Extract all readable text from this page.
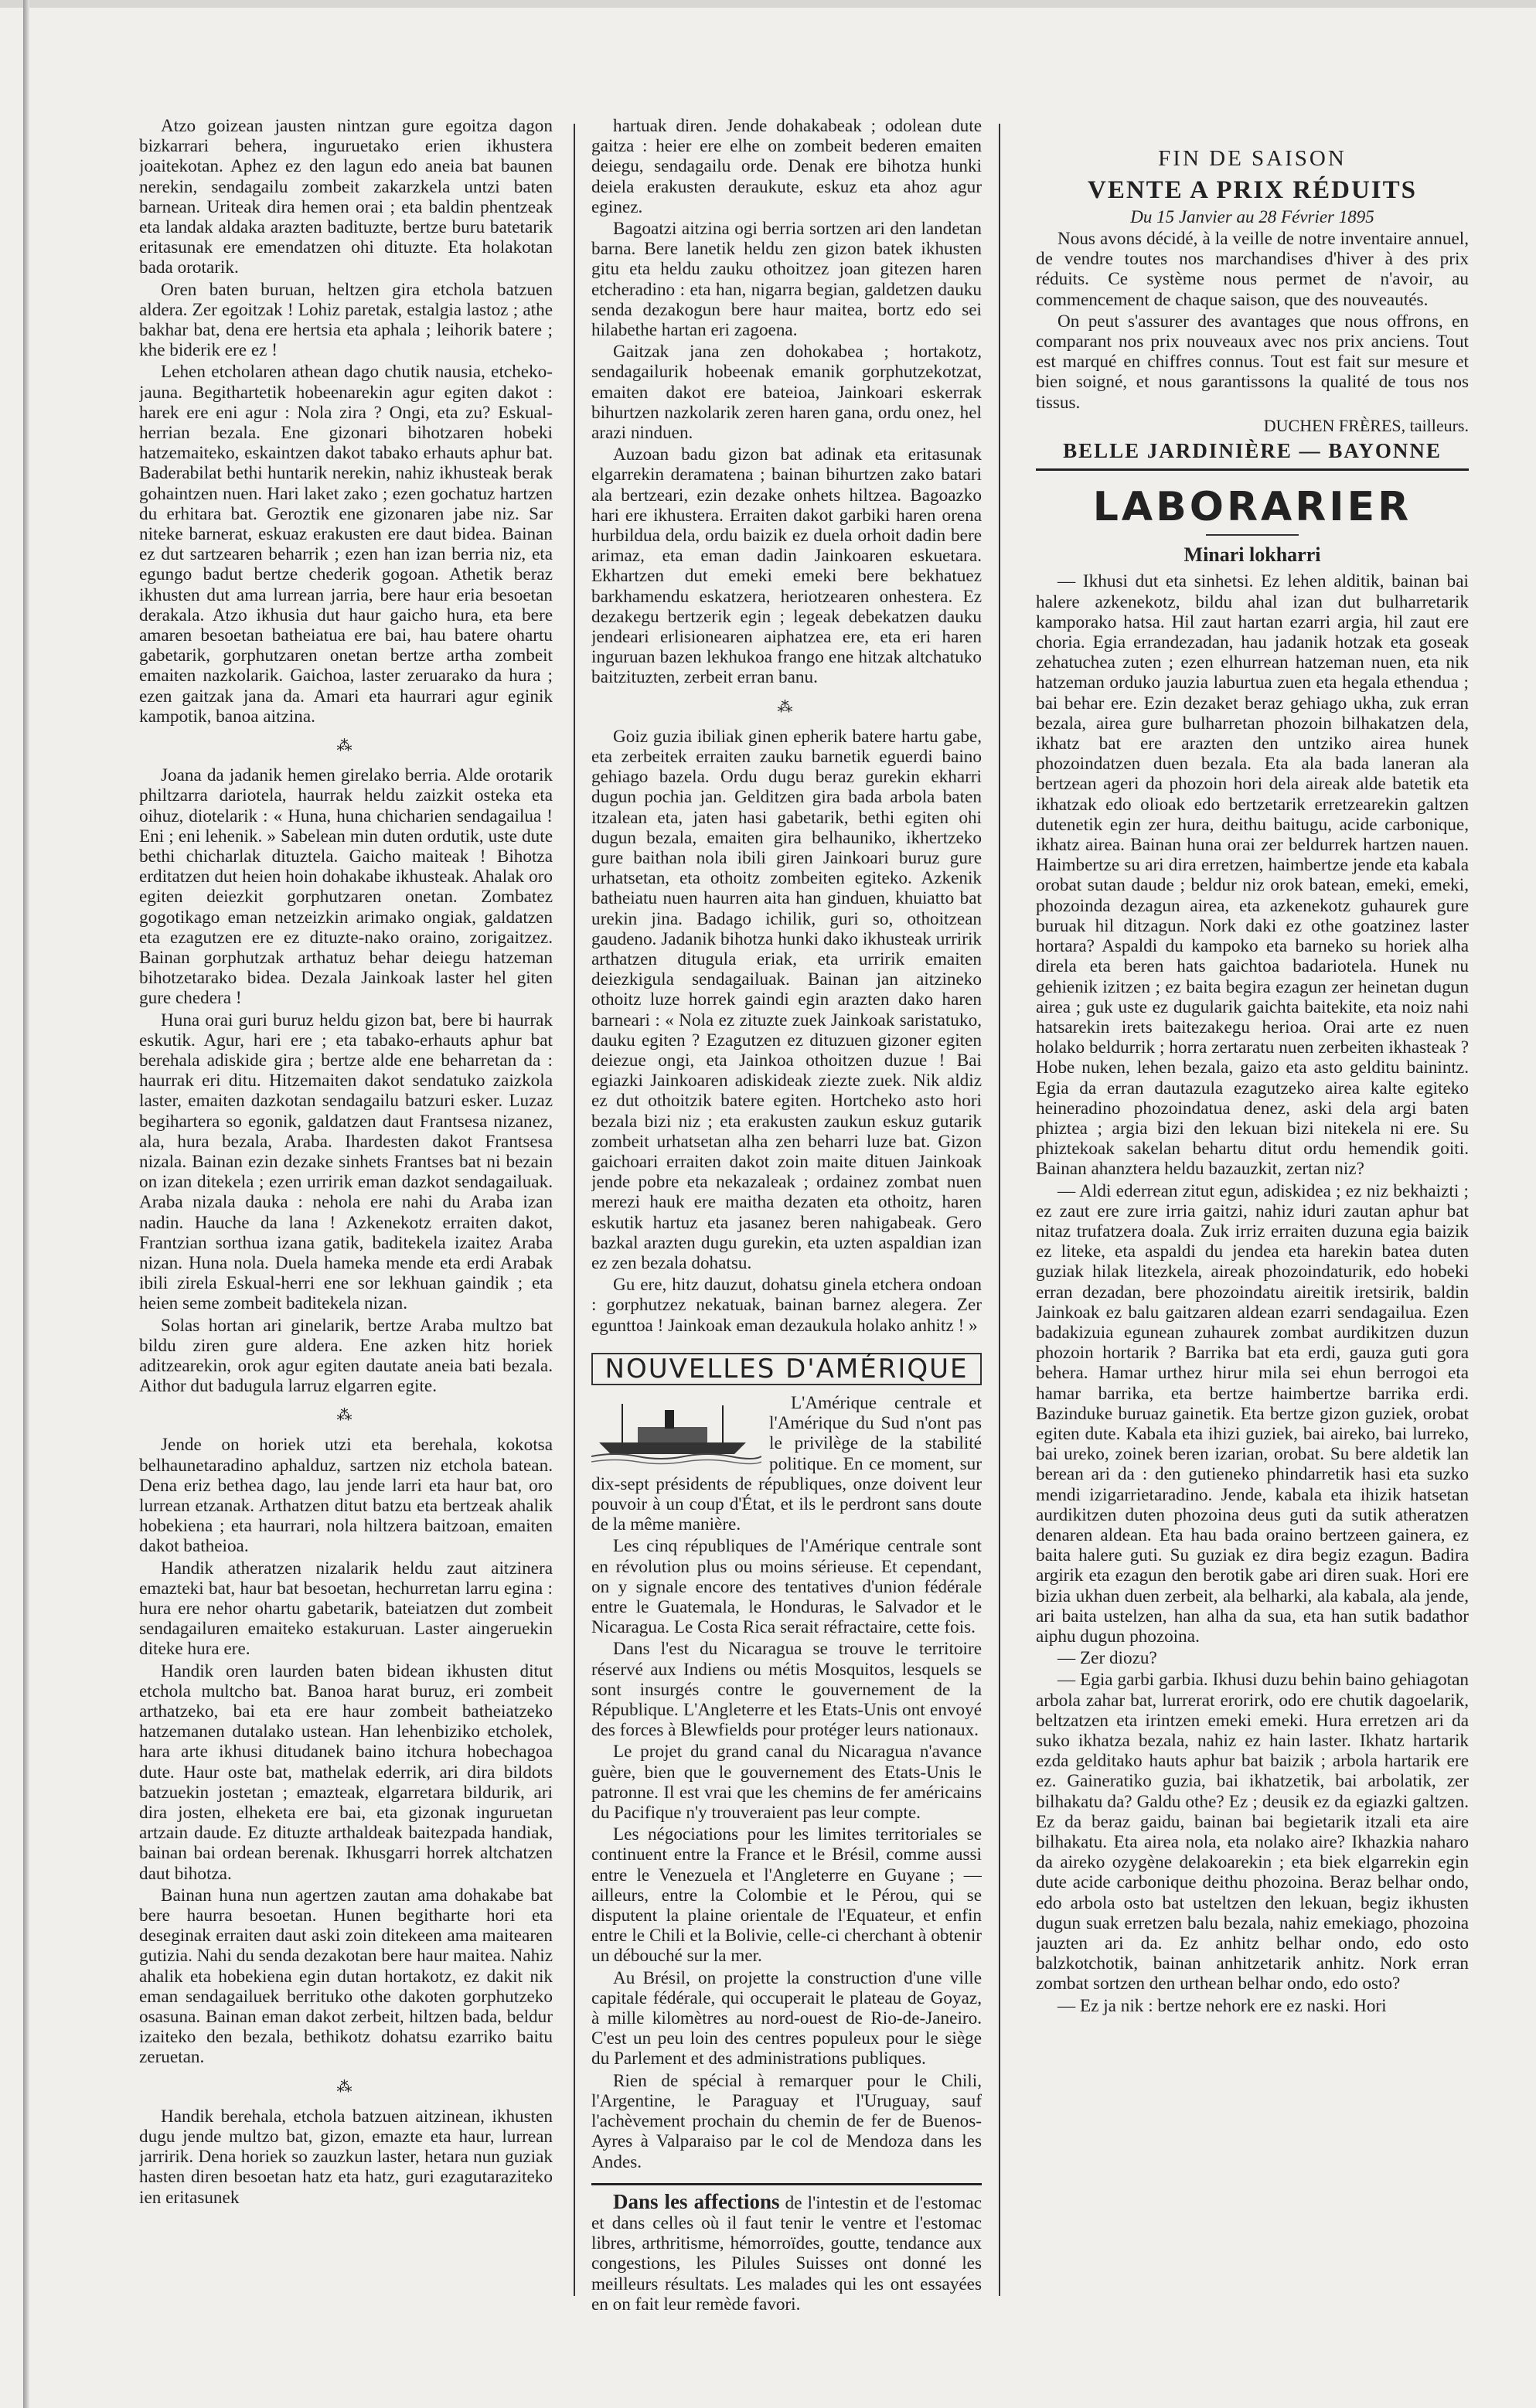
Atzo goizean jausten nintzan gure egoitza dagon bizkarrari behera, inguruetako erien ikhustera joaitekotan. Aphez ez den lagun edo aneia bat baunen nerekin, sendagailu zombeit zakarzkela untzi baten barnean. Uriteak dira hemen orai ; eta baldin phentzeak eta landak aldaka arazten badituzte, bertze buru batetarik eritasunak ere emendatzen ohi dituzte. Eta holakotan bada orotarik.

Oren baten buruan, heltzen gira etchola batzuen aldera. Zer egoitzak ! Lohiz paretak, estalgia lastoz ; athe bakhar bat, dena ere hertsia eta aphala ; leihorik batere ; khe biderik ere ez !

Lehen etcholaren athean dago chutik nausia, etcheko-jauna. Begithartetik hobeenarekin agur egiten dakot : harek ere eni agur : Nola zira ? Ongi, eta zu? Eskual-herrian bezala. Ene gizonari bihotzaren hobeki hatzemaiteko, eskaintzen dakot tabako erhauts aphur bat. Baderabilat bethi huntarik nerekin, nahiz ikhusteak berak gohaintzen nuen. Hari laket zako ; ezen gochatuz hartzen du erhitara bat. Geroztik ene gizonaren jabe niz. Sar niteke barnerat, eskuaz erakusten ere daut bidea. Bainan ez dut sartzearen beharrik ; ezen han izan berria niz, eta egungo badut bertze chederik gogoan. Athetik beraz ikhusten dut ama lurrean jarria, bere haur eria besoetan derakala. Atzo ikhusia dut haur gaicho hura, eta bere amaren besoetan batheiatua ere bai, hau batere ohartu gabetarik, gorphutzaren onetan bertze artha zombeit emaiten nazkolarik. Gaichoa, laster zeruarako da hura ; ezen gaitzak jana da. Amari eta haurrari agur eginik kampotik, banoa aitzina.

⁂

Joana da jadanik hemen girelako berria. Alde orotarik philtzarra dariotela, haurrak heldu zaizkit osteka eta oihuz, diotelarik : « Huna, huna chicharien sendagailua ! Eni ; eni lehenik. » Sabelean min duten ordutik, uste dute bethi chicharlak dituztela. Gaicho maiteak ! Bihotza erditatzen dut heien hoin dohakabe ikhusteak. Ahalak oro egiten deiezkit gorphutzaren onetan. Zombatez gogotikago eman netzeizkin arimako ongiak, galdatzen eta ezagutzen ere ez dituzte-nako oraino, zorigaitzez. Bainan gorphutzak arthatuz behar deiegu hatzeman bihotzetarako bidea. Dezala Jainkoak laster hel giten gure chedera !

Huna orai guri buruz heldu gizon bat, bere bi haurrak eskutik. Agur, hari ere ; eta tabako-erhauts aphur bat berehala adiskide gira ; bertze alde ene beharretan da : haurrak eri ditu. Hitzemaiten dakot sendatuko zaizkola laster, emaiten dazkotan sendagailu batzuri esker. Luzaz begihartera so egonik, galdatzen daut Frantsesa nizanez, ala, hura bezala, Araba. Ihardesten dakot Frantsesa nizala. Bainan ezin dezake sinhets Frantses bat ni bezain on izan ditekela ; ezen urririk eman dazkot sendagailuak. Araba nizala dauka : nehola ere nahi du Araba izan nadin. Hauche da lana ! Azkenekotz erraiten dakot, Frantzian sorthua izana gatik, baditekela izaitez Araba nizan. Huna nola. Duela hameka mende eta erdi Arabak ibili zirela Eskual-herri ene sor lekhuan gaindik ; eta heien seme zombeit baditekela nizan.

Solas hortan ari ginelarik, bertze Araba multzo bat bildu ziren gure aldera. Ene azken hitz horiek aditzearekin, orok agur egiten dautate aneia bati bezala. Aithor dut badugula larruz elgarren egite.

⁂

Jende on horiek utzi eta berehala, kokotsa belhaunetaradino aphalduz, sartzen niz etchola batean. Dena eriz bethea dago, lau jende larri eta haur bat, oro lurrean etzanak. Arthatzen ditut batzu eta bertzeak ahalik hobekiena ; eta haurrari, nola hiltzera baitzoan, emaiten dakot batheioa.

Handik atheratzen nizalarik heldu zaut aitzinera emazteki bat, haur bat besoetan, hechurretan larru egina : hura ere nehor ohartu gabetarik, bateiatzen dut zombeit sendagailuren emaiteko estakuruan. Laster aingeruekin diteke hura ere.

Handik oren laurden baten bidean ikhusten ditut etchola multcho bat. Banoa harat buruz, eri zombeit arthatzeko, bai eta ere haur zombeit batheiatzeko hatzemanen dutalako ustean. Han lehenbiziko etcholek, hara arte ikhusi ditudanek baino itchura hobechagoa dute. Haur oste bat, mathelak ederrik, ari dira bildots batzuekin jostetan ; emazteak, elgarretara bildurik, ari dira josten, elheketa ere bai, eta gizonak inguruetan artzain daude. Ez dituzte arthaldeak baitezpada handiak, bainan bai ordean berenak. Ikhusgarri horrek altchatzen daut bihotza.

Bainan huna nun agertzen zautan ama dohakabe bat bere haurra besoetan. Hunen begitharte hori eta deseginak erraiten daut aski zoin ditekeen ama maitearen gutizia. Nahi du senda dezakotan bere haur maitea. Nahiz ahalik eta hobekiena egin dutan hortakotz, ez dakit nik eman sendagailuek berrituko othe dakoten gorphutzeko osasuna. Bainan eman dakot zerbeit, hiltzen bada, beldur izaiteko den bezala, bethikotz dohatsu ezarriko baitu zeruetan.

⁂

Handik berehala, etchola batzuen aitzinean, ikhusten dugu jende multzo bat, gizon, emazte eta haur, lurrean jarririk. Dena horiek so zauzkun laster, hetara nun guziak hasten diren besoetan hatz eta hatz, guri ezagutaraziteko ien eritasunek

hartuak diren. Jende dohakabeak ; odolean dute gaitza : heier ere elhe on zombeit bederen emaiten deiegu, sendagailu orde. Denak ere bihotza hunki deiela erakusten deraukute, eskuz eta ahoz agur eginez.

Bagoatzi aitzina ogi berria sortzen ari den landetan barna. Bere lanetik heldu zen gizon batek ikhusten gitu eta heldu zauku othoitzez joan gitezen haren etcheradino : eta han, nigarra begian, galdetzen dauku senda dezakogun bere haur maitea, bortz edo sei hilabethe hartan eri zagoena.

Gaitzak jana zen dohokabea ; hortakotz, sendagailurik hobeenak emanik gorphutzekotzat, emaiten dakot ere bateioa, Jainkoari eskerrak bihurtzen nazkolarik zeren haren gana, ordu onez, hel arazi ninduen.

Auzoan badu gizon bat adinak eta eritasunak elgarrekin deramatena ; bainan bihurtzen zako batari ala bertzeari, ezin dezake onhets hiltzea. Bagoazko hari ere ikhustera. Erraiten dakot garbiki haren orena hurbildua dela, ordu baizik ez duela orhoit dadin bere arimaz, eta eman dadin Jainkoaren eskuetara. Ekhartzen dut emeki emeki bere bekhatuez barkhamendu eskatzera, heriotzearen onhestera. Ez dezakegu bertzerik egin ; legeak debekatzen dauku jendeari erlisionearen aiphatzea ere, eta eri haren inguruan bazen lekhukoa frango ene hitzak altchatuko baitzituzten, zerbeit erran banu.

⁂

Goiz guzia ibiliak ginen epherik batere hartu gabe, eta zerbeitek erraiten zauku barnetik eguerdi baino gehiago bazela. Ordu dugu beraz gurekin ekharri dugun pochia jan. Gelditzen gira bada arbola baten itzalean eta, jaten hasi gabetarik, bethi egiten ohi dugun bezala, emaiten gira belhauniko, ikhertzeko gure baithan nola ibili giren Jainkoari buruz gure urhatsetan, eta othoitz zombeiten egiteko. Azkenik batheiatu nuen haurren aita han ginduen, khuiatto bat urekin jina. Badago ichilik, guri so, othoitzean gaudeno. Jadanik bihotza hunki dako ikhusteak urririk arthatzen ditugula eriak, eta urririk emaiten deiezkigula sendagailuak. Bainan jan aitzineko othoitz luze horrek gaindi egin arazten dako haren barneari : « Nola ez zituzte zuek Jainkoak saristatuko, dauku egiten ? Ezagutzen ez dituzuen gizoner egiten deiezue ongi, eta Jainkoa othoitzen duzue ! Bai egiazki Jainkoaren adiskideak ziezte zuek. Nik aldiz ez dut othoitzik batere egiten. Hortcheko asto hori bezala bizi niz ; eta erakusten zaukun eskuz gutarik zombeit urhatsetan alha zen beharri luze bat. Gizon gaichoari erraiten dakot zoin maite dituen Jainkoak jende pobre eta nekazaleak ; ordainez zombat nuen merezi hauk ere maitha dezaten eta othoitz, haren eskutik hartuz eta jasanez beren nahigabeak. Gero bazkal arazten dugu gurekin, eta uzten aspaldian izan ez zen bezala dohatsu.

Gu ere, hitz dauzut, dohatsu ginela etchera ondoan : gorphutzez nekatuak, bainan barnez alegera. Zer egunttoa ! Jainkoak eman dezaukula holako anhitz ! »

NOUVELLES D'AMÉRIQUE

L'Amérique centrale et l'Amérique du Sud n'ont pas le privilège de la stabilité politique. En ce moment, sur dix-sept présidents de républiques, onze doivent leur pouvoir à un coup d'État, et ils le perdront sans doute de la même manière.

Les cinq républiques de l'Amérique centrale sont en révolution plus ou moins sérieuse. Et cependant, on y signale encore des tentatives d'union fédérale entre le Guatemala, le Honduras, le Salvador et le Nicaragua. Le Costa Rica serait réfractaire, cette fois.

Dans l'est du Nicaragua se trouve le territoire réservé aux Indiens ou métis Mosquitos, lesquels se sont insurgés contre le gouvernement de la République. L'Angleterre et les Etats-Unis ont envoyé des forces à Blewfields pour protéger leurs nationaux.

Le projet du grand canal du Nicaragua n'avance guère, bien que le gouvernement des Etats-Unis le patronne. Il est vrai que les chemins de fer américains du Pacifique n'y trouveraient pas leur compte.

Les négociations pour les limites territoriales se continuent entre la France et le Brésil, comme aussi entre le Venezuela et l'Angleterre en Guyane ; — ailleurs, entre la Colombie et le Pérou, qui se disputent la plaine orientale de l'Equateur, et enfin entre le Chili et la Bolivie, celle-ci cherchant à obtenir un débouché sur la mer.

Au Brésil, on projette la construction d'une ville capitale fédérale, qui occuperait le plateau de Goyaz, à mille kilomètres au nord-ouest de Rio-de-Janeiro. C'est un peu loin des centres populeux pour le siège du Parlement et des administrations publiques.

Rien de spécial à remarquer pour le Chili, l'Argentine, le Paraguay et l'Uruguay, sauf l'achèvement prochain du chemin de fer de Buenos-Ayres à Valparaiso par le col de Mendoza dans les Andes.

Dans les affections de l'intestin et de l'estomac et dans celles où il faut tenir le ventre et l'estomac libres, arthritisme, hémorroïdes, goutte, tendance aux congestions, les Pilules Suisses ont donné les meilleurs résultats. Les malades qui les ont essayées en on fait leur remède favori.

FIN DE SAISON
VENTE A PRIX RÉDUITS
Du 15 Janvier au 28 Février 1895

Nous avons décidé, à la veille de notre inventaire annuel, de vendre toutes nos marchandises d'hiver à des prix réduits. Ce système nous permet de n'avoir, au commencement de chaque saison, que des nouveautés.

On peut s'assurer des avantages que nous offrons, en comparant nos prix nouveaux avec nos prix anciens. Tout est marqué en chiffres connus. Tout est fait sur mesure et bien soigné, et nous garantissons la qualité de tous nos tissus.

DUCHEN FRÈRES, tailleurs.
BELLE JARDINIÈRE — BAYONNE
LABORARIER
Minari lokharri

— Ikhusi dut eta sinhetsi. Ez lehen alditik, bainan bai halere azkenekotz, bildu ahal izan dut bulharretarik kamporako hatsa. Hil zaut hartan ezarri argia, hil zaut ere choria. Egia errandezadan, hau jadanik hotzak eta goseak zehatuchea zuten ; ezen elhurrean hatzeman nuen, eta nik hatzeman orduko jauzia laburtua zuen eta hegala ethendua ; bai behar ere. Ezin dezaket beraz gehiago ukha, zuk erran bezala, airea gure bulharretan phozoin bilhakatzen dela, ikhatz bat ere arazten den untziko airea hunek phozoindatzen duen bezala. Eta ala bada laneran ala bertzean ageri da phozoin hori dela aireak alde batetik eta ikhatzak edo olioak edo bertzetarik erretzearekin galtzen dutenetik egin zer hura, deithu baitugu, acide carbonique, ikhatz airea. Bainan huna orai zer beldurrek hartzen nauen. Haimbertze su ari dira erretzen, haimbertze jende eta kabala orobat sutan daude ; beldur niz orok batean, emeki, emeki, phozoinda dezagun airea, eta azkenekotz guhaurek gure buruak hil ditzagun. Nork daki ez othe goatzinez laster hortara? Aspaldi du kampoko eta barneko su horiek alha direla eta beren hats gaichtoa badariotela. Hunek nu gehienik izitzen ; ez baita begira ezagun zer heinetan dugun airea ; guk uste ez dugularik gaichta baitekite, eta noiz nahi hatsarekin irets baitezakegu herioa. Orai arte ez nuen holako beldurrik ; horra zertaratu nuen zerbeiten ikhasteak ? Hobe nuken, lehen bezala, gaizo eta asto gelditu bainintz. Egia da erran dautazula ezagutzeko airea kalte egiteko heineradino phozoindatua denez, aski dela argi baten phiztea ; argia bizi den lekuan bizi nitekela ni ere. Su phiztekoak sakelan behartu ditut ordu hemendik goiti. Bainan ahanztera heldu bazauzkit, zertan niz?

— Aldi ederrean zitut egun, adiskidea ; ez niz bekhaizti ; ez zaut ere zure irria gaitzi, nahiz iduri zautan aphur bat nitaz trufatzera doala. Zuk irriz erraiten duzuna egia baizik ez liteke, eta aspaldi du jendea eta harekin batea duten guziak hilak litezkela, aireak phozoindaturik, edo hobeki erran dezadan, bere phozoindatu aireitik iretsirik, baldin Jainkoak ez balu gaitzaren aldean ezarri sendagailua. Ezen badakizuia egunean zuhaurek zombat aurdikitzen duzun phozoin hortarik ? Barrika bat eta erdi, gauza guti gora behera. Hamar urthez hirur mila sei ehun berrogoi eta hamar barrika, eta bertze haimbertze barrika erdi. Bazinduke buruaz gainetik. Eta bertze gizon guziek, orobat egiten dute. Kabala eta ihizi guziek, bai aireko, bai lurreko, bai ureko, zoinek beren izarian, orobat. Su bere aldetik lan berean ari da : den gutieneko phindarretik hasi eta suzko mendi izigarrietaradino. Jende, kabala eta ihizik hatsetan aurdikitzen duten phozoina deus guti da sutik atheratzen denaren aldean. Eta hau bada oraino bertzeen gainera, ez baita halere guti. Su guziak ez dira begiz ezagun. Badira argirik eta ezagun den berotik gabe ari diren suak. Hori ere bizia ukhan duen zerbeit, ala belharki, ala kabala, ala jende, ari baita ustelzen, han alha da sua, eta han sutik badathor aiphu dugun phozoina.

— Zer diozu?

— Egia garbi garbia. Ikhusi duzu behin baino gehiagotan arbola zahar bat, lurrerat erorirk, odo ere chutik dagoelarik, beltzatzen eta irintzen emeki emeki. Hura erretzen ari da suko ikhatza bezala, nahiz ez hain laster. Ikhatz hartarik ezda gelditako hauts aphur bat baizik ; arbola hartarik ere ez. Gaineratiko guzia, bai ikhatzetik, bai arbolatik, zer bilhakatu da? Galdu othe? Ez ; deusik ez da egiazki galtzen. Ez da beraz gaidu, bainan bai begietarik itzali eta aire bilhakatu. Eta airea nola, eta nolako aire? Ikhazkia naharo da aireko ozygène delakoarekin ; eta biek elgarrekin egin dute acide carbonique deithu phozoina. Beraz belhar ondo, edo arbola osto bat usteltzen den lekuan, begiz ikhusten dugun suak erretzen balu bezala, nahiz emekiago, phozoina jauzten ari da. Ez anhitz belhar ondo, edo osto balzkotchotik, bainan anhitzetarik anhitz. Nork erran zombat sortzen den urthean belhar ondo, edo osto?

— Ez ja nik : bertze nehork ere ez naski. Hori
